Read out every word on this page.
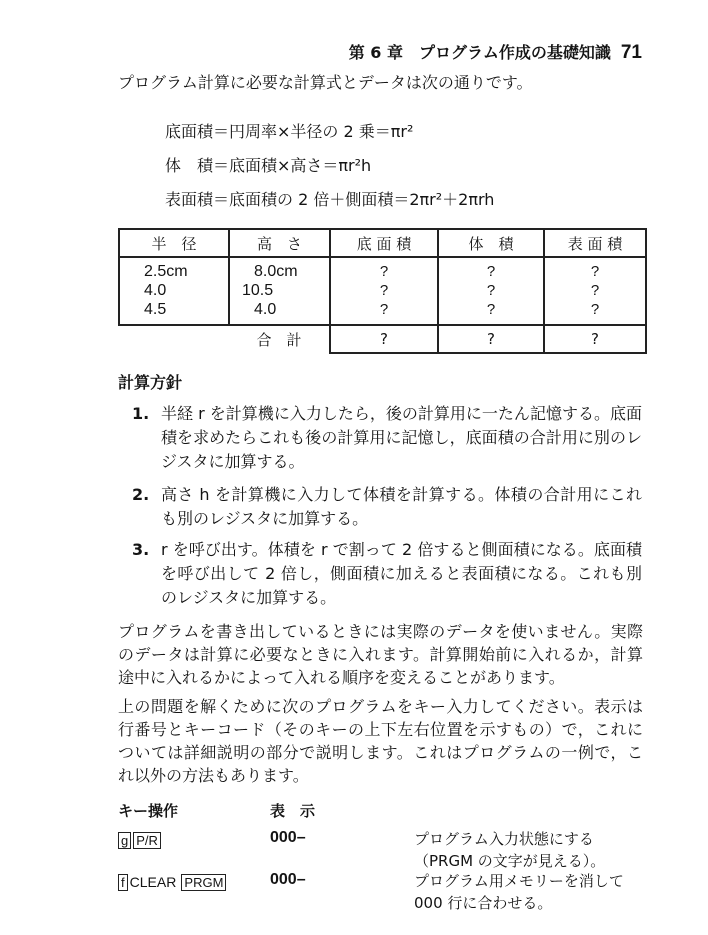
第 6 章　プログラム作成の基礎知識 71
プログラム計算に必要な計算式とデータは次の通りです。
底面積＝円周率×半径の 2 乗＝πr²
体　積＝底面積×高さ＝πr²h
表面積＝底面積の 2 倍＋側面積＝2πr²＋2πrh
半　径	高　さ	底 面 積	体　積	表 面 積
2.5cm	8.0cm	?	?	?
4.0	10.5	?	?	?
4.5	4.0	?	?	?
	合　計	?	?	?
計算方針
1. 半経 r を計算機に入力したら，後の計算用に一たん記憶する。底面積を求めたらこれも後の計算用に記憶し，底面積の合計用に別のレジスタに加算する。
2. 高さ h を計算機に入力して体積を計算する。体積の合計用にこれも別のレジスタに加算する。
3. r を呼び出す。体積を r で割って 2 倍すると側面積になる。底面積を呼び出して 2 倍し，側面積に加えると表面積になる。これも別のレジスタに加算する。
プログラムを書き出しているときには実際のデータを使いません。実際のデータは計算に必要なときに入れます。計算開始前に入れるか，計算途中に入れるかによって入れる順序を変えることがあります。
上の問題を解くために次のプログラムをキー入力してください。表示は行番号とキーコード（そのキーの上下左右位置を示すもの）で，これについては詳細説明の部分で説明します。これはプログラムの一例で，これ以外の方法もあります。
キー操作	表　示
g P/R	000–	プログラム入力状態にする（PRGM の文字が見える）。
f CLEAR PRGM	000–	プログラム用メモリーを消して 000 行に合わせる。
